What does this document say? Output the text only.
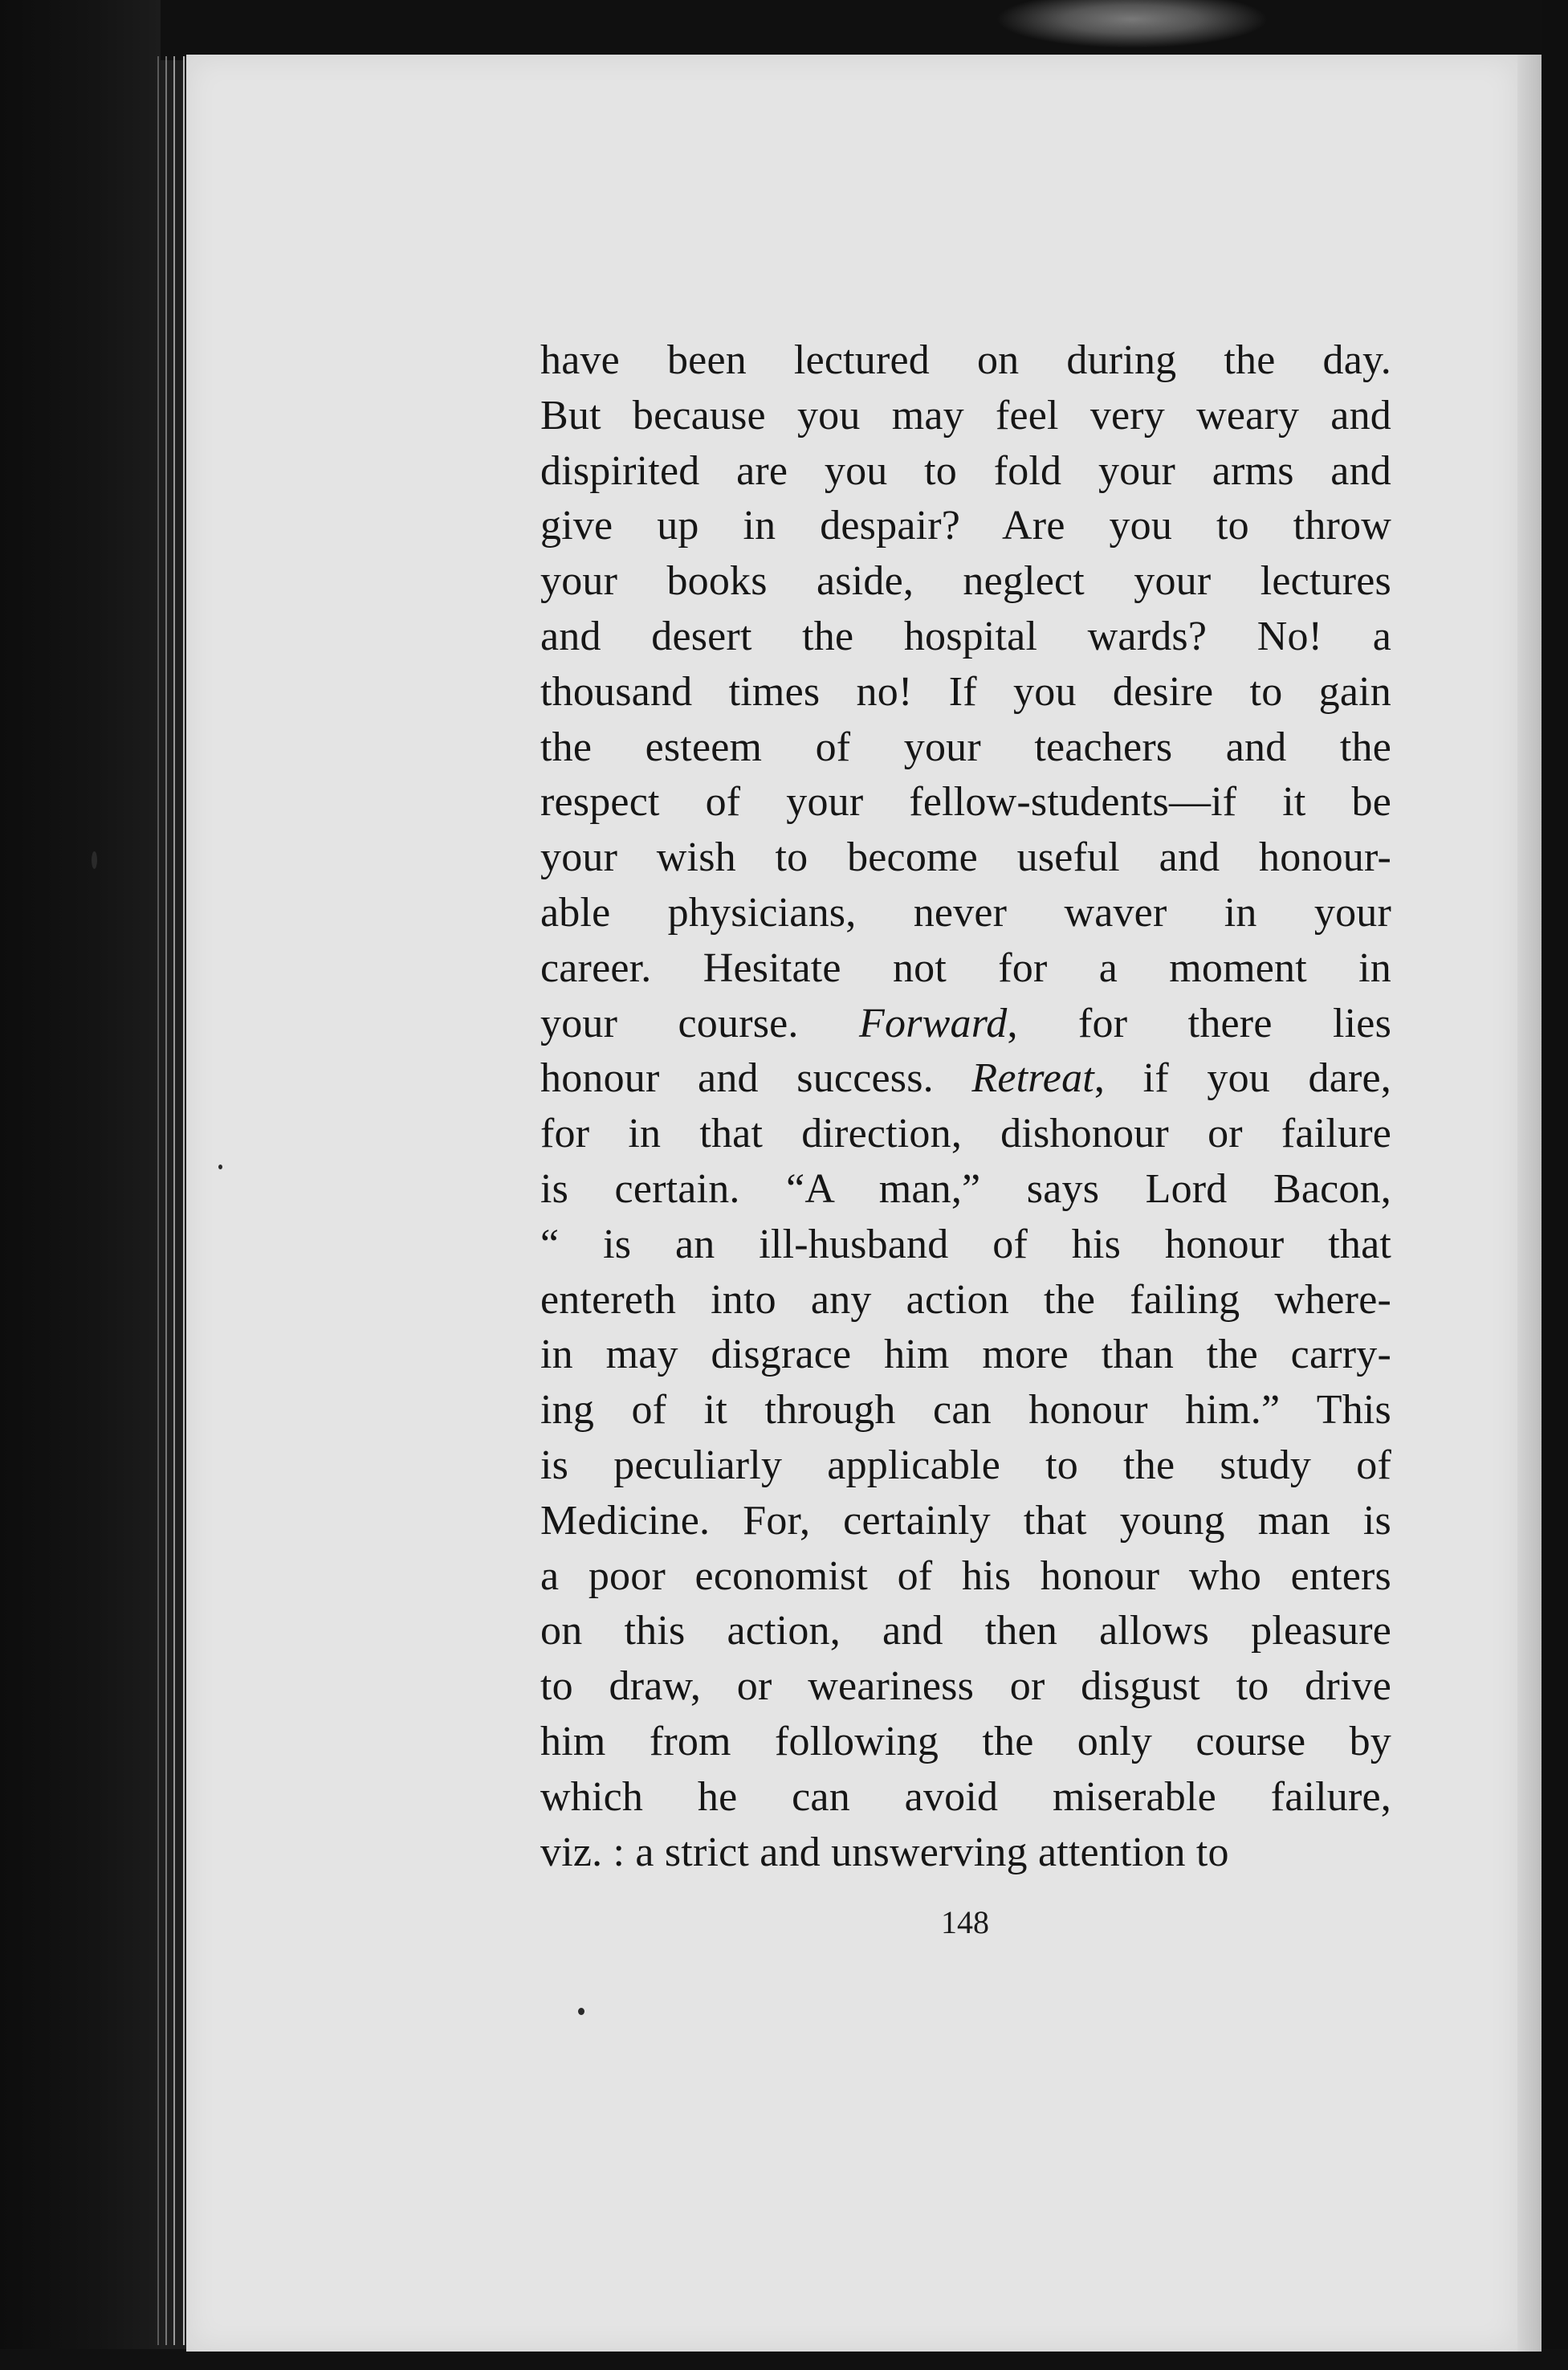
have been lectured on during the day.
But because you may feel very weary and
dispirited are you to fold your arms and
give up in despair? Are you to throw
your books aside, neglect your lectures
and desert the hospital wards? No! a
thousand times no! If you desire to gain
the esteem of your teachers and the
respect of your fellow-students—if it be
your wish to become useful and honour-
able physicians, never waver in your
career. Hesitate not for a moment in
your course. Forward, for there lies
honour and success. Retreat, if you dare,
for in that direction, dishonour or failure
is certain. “A man,” says Lord Bacon,
“ is an ill-husband of his honour that
entereth into any action the failing where-
in may disgrace him more than the carry-
ing of it through can honour him.” This
is peculiarly applicable to the study of
Medicine. For, certainly that young man is
a poor economist of his honour who enters
on this action, and then allows pleasure
to draw, or weariness or disgust to drive
him from following the only course by
which he can avoid miserable failure,
viz. : a strict and unswerving attention to
148
